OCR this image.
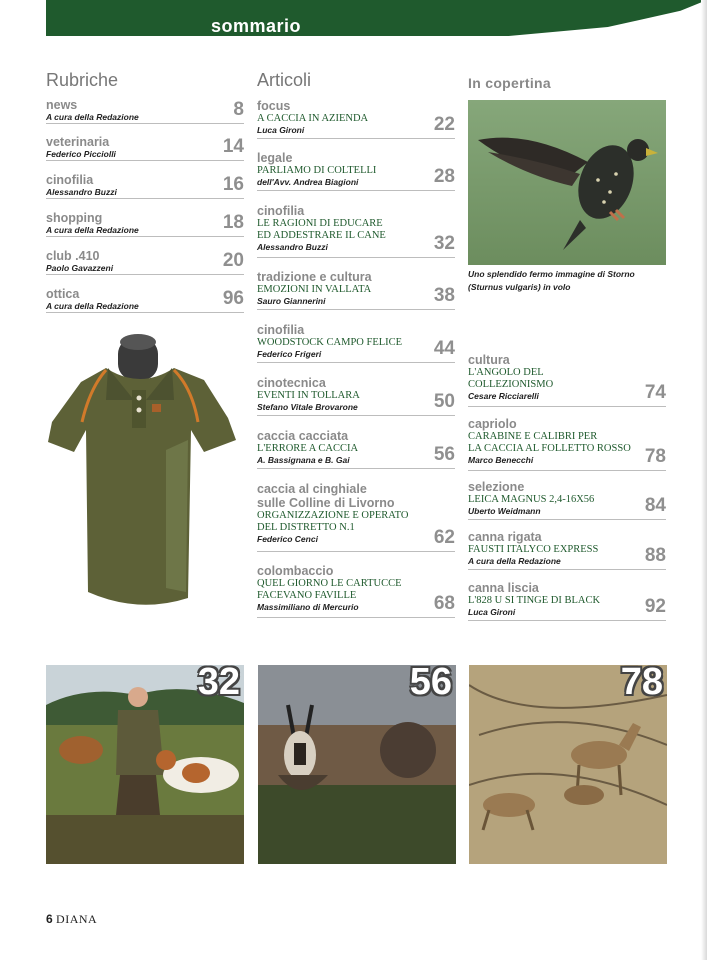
sommario
Rubriche	Articoli	In copertina
news
A cura della Redazione	8
veterinaria
Federico Picciolli	14
cinofilia
Alessandro Buzzi	16
shopping
A cura della Redazione	18
club .410
Paolo Gavazzeni	20
ottica
A cura della Redazione	96
focus
A CACCIA IN AZIENDA
Luca Gironi	22
legale
PARLIAMO DI COLTELLI
dell'Avv. Andrea Biagioni	28
cinofilia
LE RAGIONI DI EDUCARE
ED ADDESTRARE IL CANE
Alessandro Buzzi	32
tradizione e cultura
EMOZIONI IN VALLATA
Sauro Giannerini	38
cinofilia
WOODSTOCK CAMPO FELICE
Federico Frigeri	44
cinotecnica
EVENTI IN TOLLARA
Stefano Vitale Brovarone	50
caccia cacciata
L'ERRORE A CACCIA
A. Bassignana e B. Gai	56
caccia al cinghiale
sulle Colline di Livorno
ORGANIZZAZIONE E OPERATO
DEL DISTRETTO N.1
Federico Cenci	62
colombaccio
QUEL GIORNO LE CARTUCCE
FACEVANO FAVILLE
Massimiliano di Mercurio	68
Uno splendido fermo immagine di Storno (Sturnus vulgaris) in volo
cultura
L'ANGOLO DEL
COLLEZIONISMO
Cesare Ricciarelli	74
capriolo
CARABINE E CALIBRI PER
LA CACCIA AL FOLLETTO ROSSO
Marco Benecchi	78
selezione
LEICA MAGNUS 2,4-16X56
Uberto Weidmann	84
canna rigata
FAUSTI ITALYCO EXPRESS
A cura della Redazione	88
canna liscia
L'828 U SI TINGE DI BLACK
Luca Gironi	92
32	56	78
6 DIANA
